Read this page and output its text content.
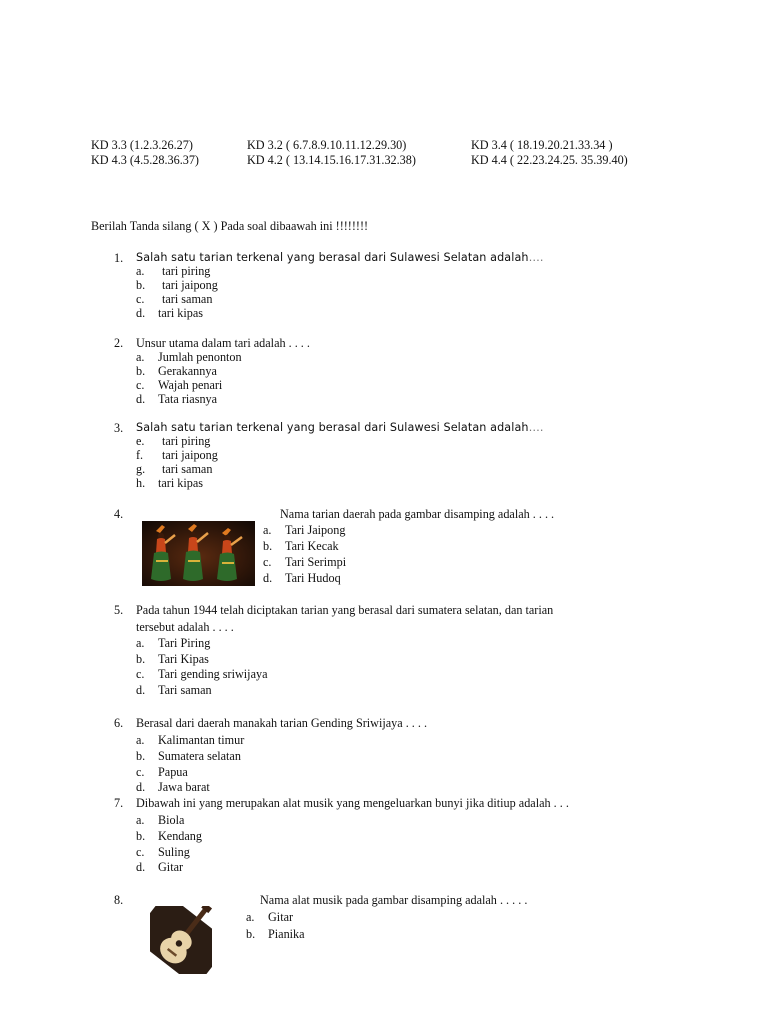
KD 3.3 (1.2.3.26.27)	KD 3.2 ( 6.7.8.9.10.11.12.29.30)	KD 3.4 ( 18.19.20.21.33.34 )
KD 4.3 (4.5.28.36.37)	KD 4.2 ( 13.14.15.16.17.31.32.38)	KD 4.4 ( 22.23.24.25. 35.39.40)
Berilah Tanda silang ( X ) Pada soal dibaawah ini !!!!!!!!
1. Salah satu tarian terkenal yang berasal dari Sulawesi Selatan adalah….
a. tari piring
b. tari jaipong
c. tari saman
d. tari kipas
2. Unsur utama dalam tari adalah . . . .
a. Jumlah penonton
b. Gerakannya
c. Wajah penari
d. Tata riasnya
3. Salah satu tarian terkenal yang berasal dari Sulawesi Selatan adalah….
e. tari piring
f. tari jaipong
g. tari saman
h. tari kipas
4.	Nama tarian daerah pada gambar disamping adalah . . . .
a. Tari Jaipong
b. Tari Kecak
c. Tari Serimpi
d. Tari Hudoq
5. Pada tahun 1944 telah diciptakan tarian yang berasal dari sumatera selatan, dan tarian
tersebut adalah . . . .
a. Tari Piring
b. Tari Kipas
c. Tari gending sriwijaya
d. Tari saman
6. Berasal dari daerah manakah tarian Gending Sriwijaya . . . .
a. Kalimantan timur
b. Sumatera selatan
c. Papua
d. Jawa barat
7. Dibawah ini yang merupakan alat musik yang mengeluarkan bunyi jika ditiup adalah . . .
a. Biola
b. Kendang
c. Suling
d. Gitar
8.	Nama alat musik pada gambar disamping adalah . . . . .
a. Gitar
b. Pianika
